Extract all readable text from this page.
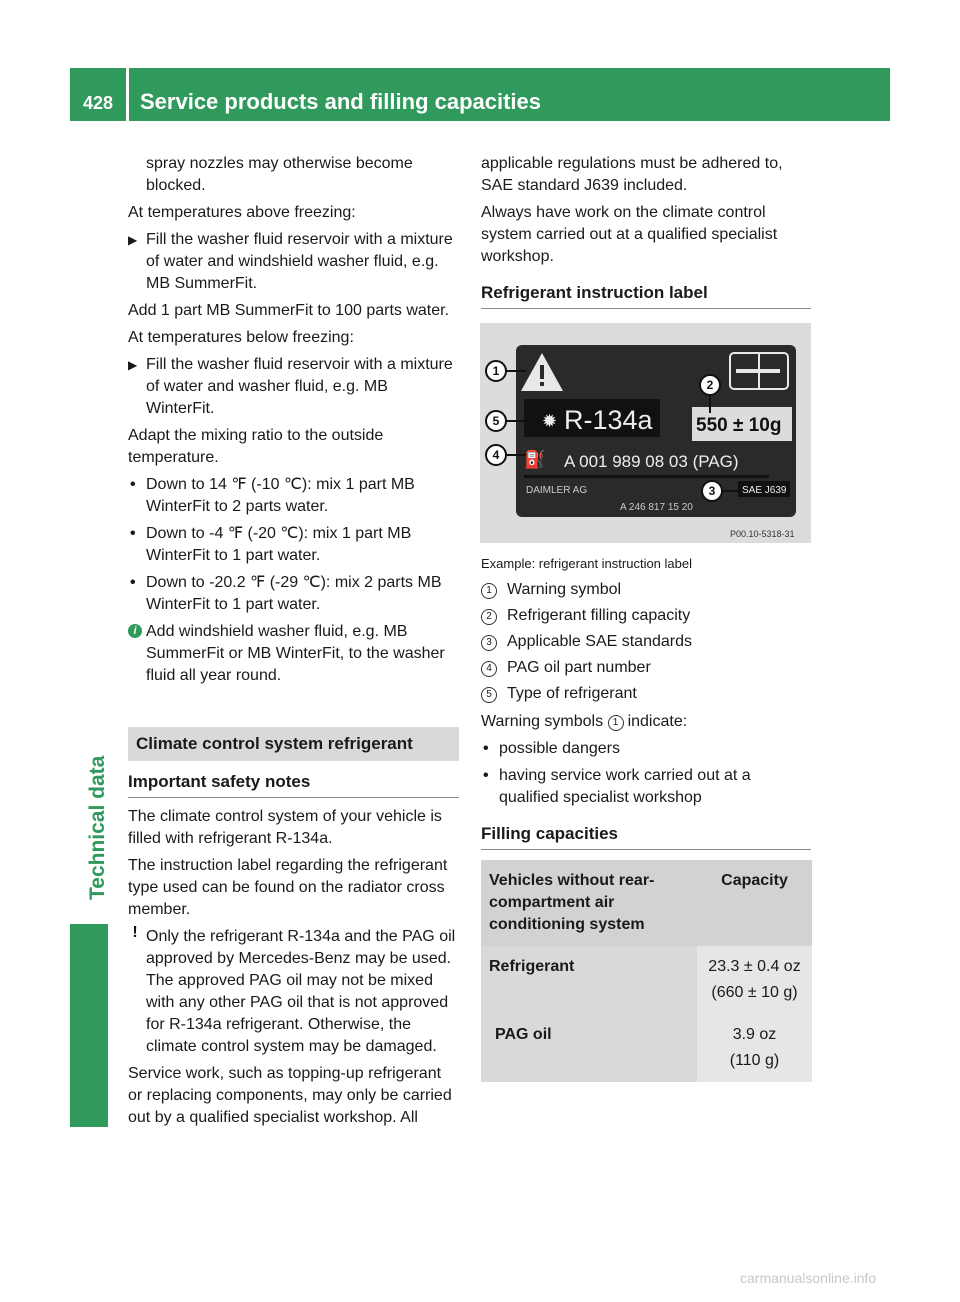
428	Service products and filling capacities
Technical data

spray nozzles may otherwise become blocked.

At temperatures above freezing:

▶ Fill the washer fluid reservoir with a mixture of water and windshield washer fluid, e.g. MB SummerFit.

Add 1 part MB SummerFit to 100 parts water.

At temperatures below freezing:

▶ Fill the washer fluid reservoir with a mixture of water and washer fluid, e.g. MB WinterFit.

Adapt the mixing ratio to the outside temperature.

• Down to 14 ℉ (‑10 ℃): mix 1 part MB WinterFit to 2 parts water.

• Down to ‑4 ℉ (‑20 ℃): mix 1 part MB WinterFit to 1 part water.

• Down to ‑20.2 ℉ (‑29 ℃): mix 2 parts MB WinterFit to 1 part water.

i Add windshield washer fluid, e.g. MB SummerFit or MB WinterFit, to the washer fluid all year round.

Climate control system refrigerant
Important safety notes

The climate control system of your vehicle is filled with refrigerant R-134a.

The instruction label regarding the refrigerant type used can be found on the radiator cross member.

! Only the refrigerant R-134a and the PAG oil approved by Mercedes-Benz may be used. The approved PAG oil may not be mixed with any other PAG oil that is not approved for R-134a refrigerant. Otherwise, the climate control system may be damaged.

Service work, such as topping-up refrigerant or replacing components, may only be carried out by a qualified specialist workshop. All

applicable regulations must be adhered to, SAE standard J639 included.

Always have work on the climate control system carried out at a qualified specialist workshop.

Refrigerant instruction label
✹ R-134a 550 ± 10g
⛽ A 001 989 08 03 (PAG)
DAIMLER AG	SAE J639
A 246 817 15 20
1
2
3
4
5
P00.10-5318-31

Example: refrigerant instruction label

1 Warning symbol

2 Refrigerant filling capacity

3 Applicable SAE standards

4 PAG oil part number

5 Type of refrigerant

Warning symbols 1 indicate:

• possible dangers

• having service work carried out at a qualified specialist workshop

Filling capacities
Vehicles without rear-compartment air conditioning system	Capacity
Refrigerant	23.3 ± 0.4 oz
(660 ± 10 g)

PAG oil	3.9 oz
(110 g)
carmanualsonline.info
